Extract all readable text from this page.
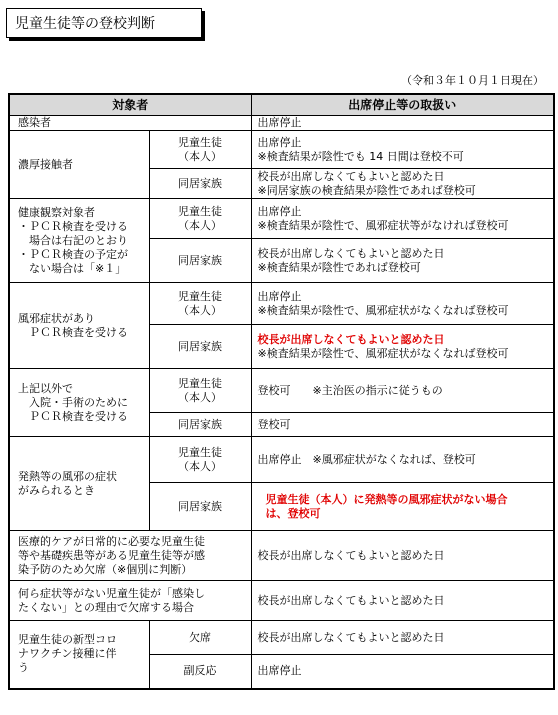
児童生徒等の登校判断
（令和３年１０月１日現在）
対象者		出席停止等の取扱い
感染者		出席停止
濃厚接触者	児童生徒
（本人）	出席停止
※検査結果が陰性でも 14 日間は登校不可
	同居家族	校長が出席しなくてもよいと認めた日
※同居家族の検査結果が陰性であれば登校可
健康観察対象者
・ＰＣＲ検査を受ける
　場合は右記のとおり
・ＰＣＲ検査の予定が
　ない場合は「※１」	児童生徒
（本人）	出席停止
※検査結果が陰性で、風邪症状等がなければ登校可
	同居家族	校長が出席しなくてもよいと認めた日
※検査結果が陰性であれば登校可
風邪症状があり
　ＰＣＲ検査を受ける	児童生徒
（本人）	出席停止
※検査結果が陰性で、風邪症状がなくなれば登校可
	同居家族	校長が出席しなくてもよいと認めた日
※検査結果が陰性で、風邪症状がなくなれば登校可

上記以外で
　入院・手術のために
　ＰＣＲ検査を受ける	児童生徒
（本人）	登校可　　※主治医の指示に従うもの
	同居家族	登校可
発熱等の風邪の症状
がみられるとき	児童生徒
（本人）	出席停止　※風邪症状がなくなれば、登校可
	同居家族	児童生徒（本人）に発熱等の風邪症状がない場合
は、登校可
医療的ケアが日常的に必要な児童生徒
等や基礎疾患等がある児童生徒等が感
染予防のため欠席（※個別に判断）		校長が出席しなくてもよいと認めた日
何ら症状等がない児童生徒が「感染し
たくない」との理由で欠席する場合		校長が出席しなくてもよいと認めた日
児童生徒の新型コロ
ナワクチン接種に伴
う	欠席	校長が出席しなくてもよいと認めた日
	副反応	出席停止
